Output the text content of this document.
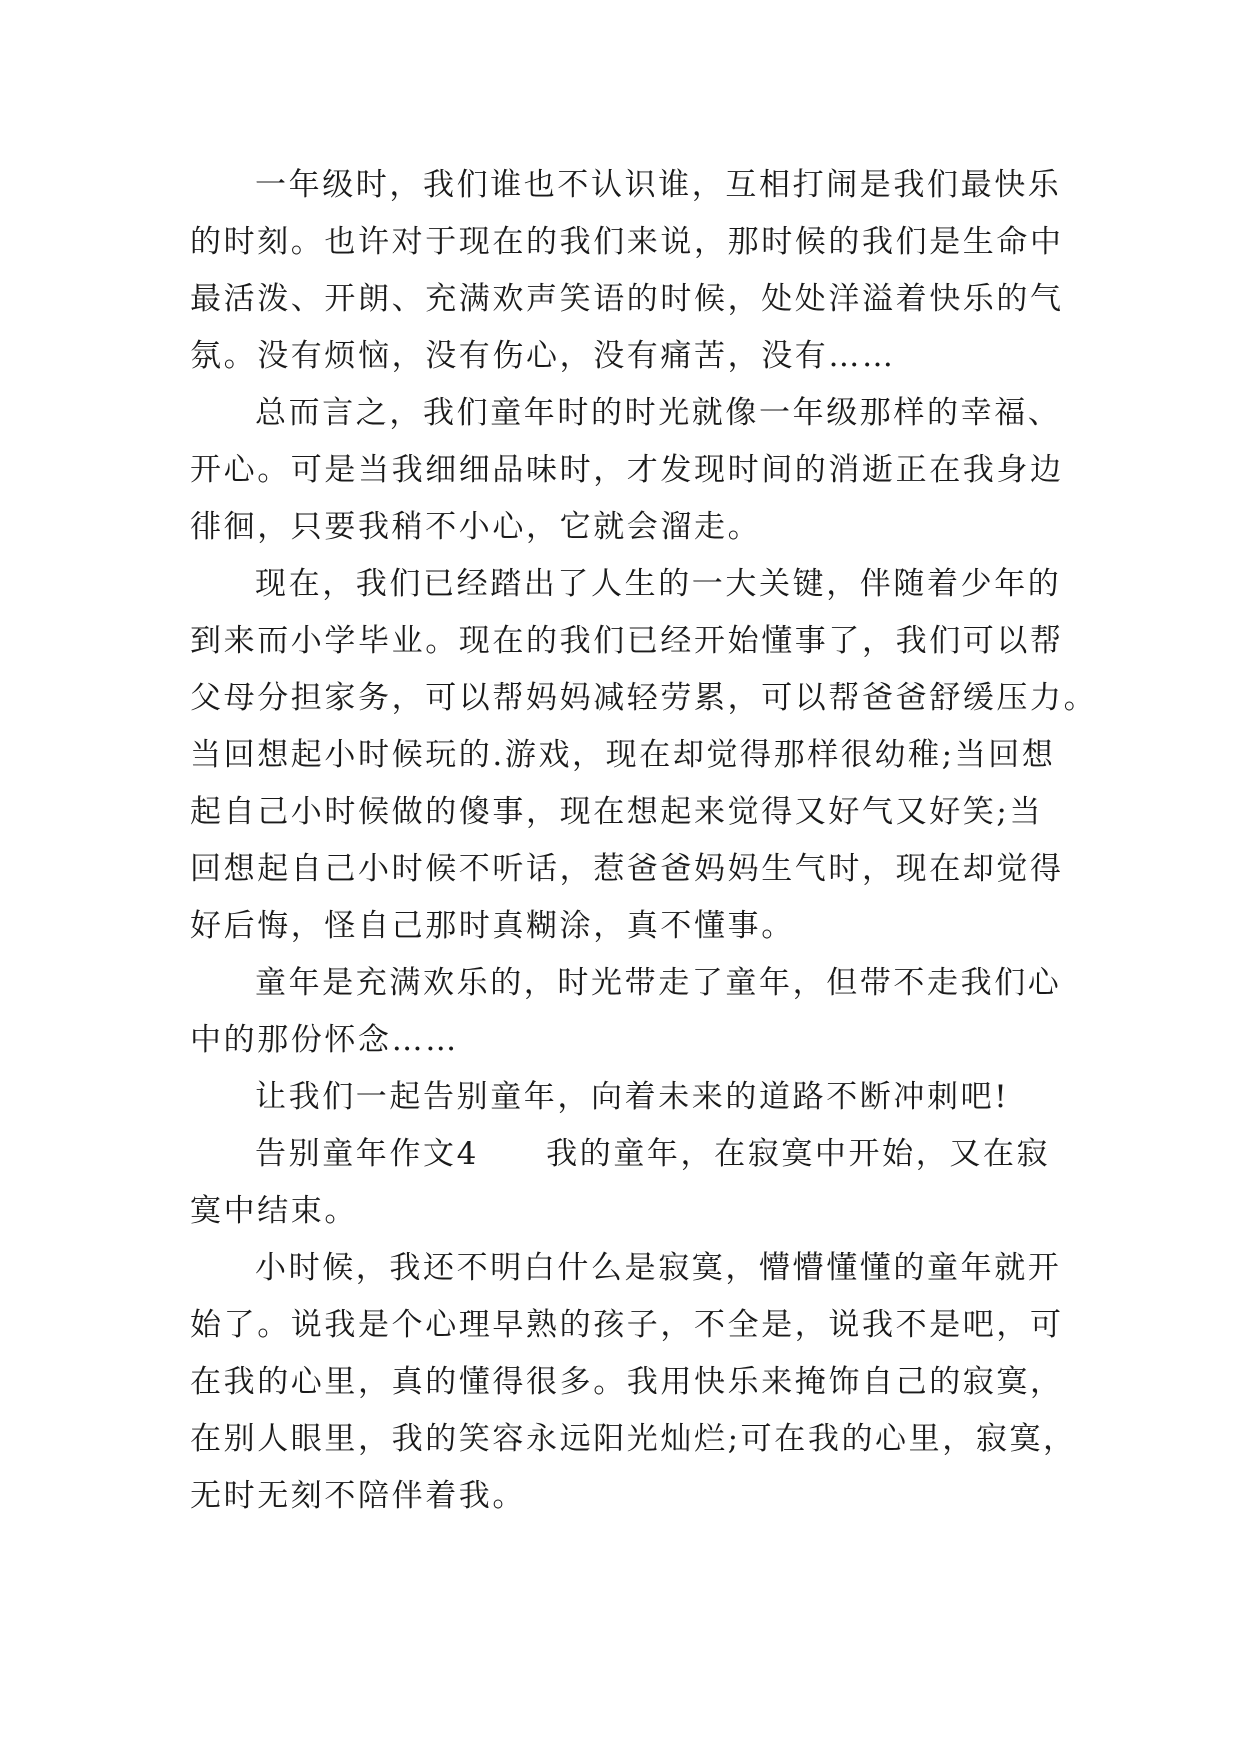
一年级时，我们谁也不认识谁，互相打闹是我们最快乐
的时刻。也许对于现在的我们来说，那时候的我们是生命中
最活泼、开朗、充满欢声笑语的时候，处处洋溢着快乐的气
氛。没有烦恼，没有伤心，没有痛苦，没有……
总而言之，我们童年时的时光就像一年级那样的幸福、
开心。可是当我细细品味时，才发现时间的消逝正在我身边
徘徊，只要我稍不小心，它就会溜走。
现在，我们已经踏出了人生的一大关键，伴随着少年的
到来而小学毕业。现在的我们已经开始懂事了，我们可以帮
父母分担家务，可以帮妈妈减轻劳累，可以帮爸爸舒缓压力。
当回想起小时候玩的.游戏，现在却觉得那样很幼稚;当回想
起自己小时候做的傻事，现在想起来觉得又好气又好笑;当
回想起自己小时候不听话，惹爸爸妈妈生气时，现在却觉得
好后悔，怪自己那时真糊涂，真不懂事。
童年是充满欢乐的，时光带走了童年，但带不走我们心
中的那份怀念……
让我们一起告别童年，向着未来的道路不断冲刺吧!
告别童年作文4　　我的童年，在寂寞中开始，又在寂
寞中结束。
小时候，我还不明白什么是寂寞，懵懵懂懂的童年就开
始了。说我是个心理早熟的孩子，不全是，说我不是吧，可
在我的心里，真的懂得很多。我用快乐来掩饰自己的寂寞，
在别人眼里，我的笑容永远阳光灿烂;可在我的心里，寂寞，
无时无刻不陪伴着我。
